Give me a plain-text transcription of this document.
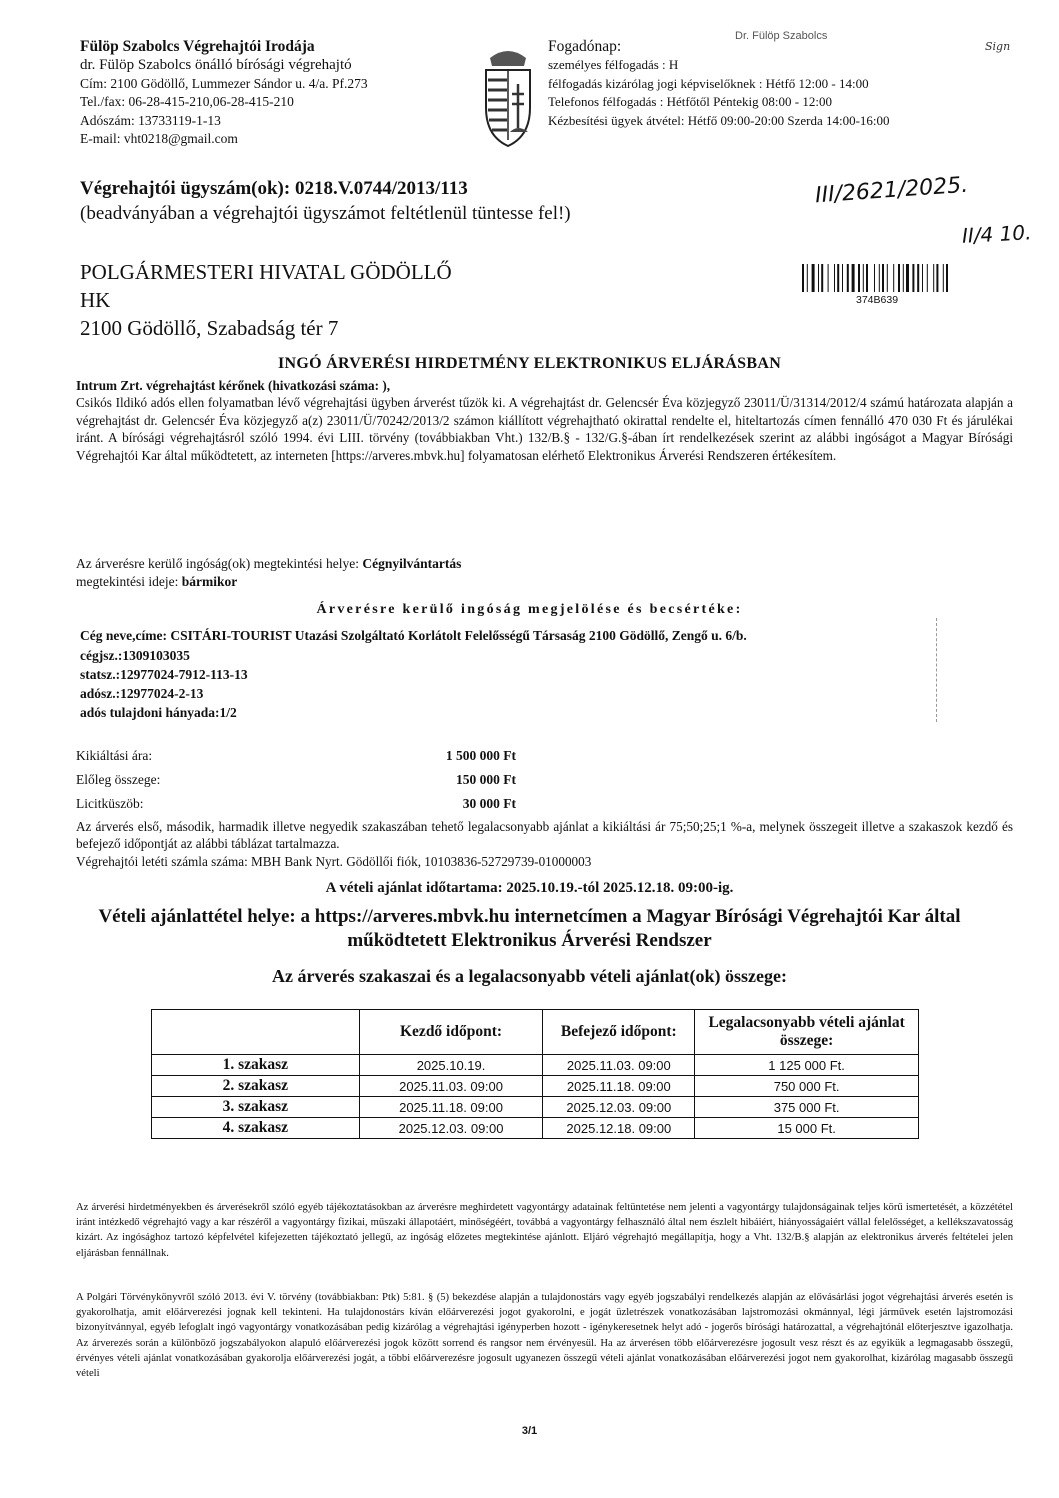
Fülöp Szabolcs Végrehajtói Irodája
dr. Fülöp Szabolcs önálló bírósági végrehajtó
Cím: 2100 Gödöllő, Lummezer Sándor u. 4/a. Pf.273
Tel./fax: 06-28-415-210,06-28-415-210
Adószám: 13733119-1-13
E-mail: vht0218@gmail.com
Fogadónap:
személyes félfogadás : H
félfogadás kizárólag jogi képviselőknek : Hétfő 12:00 - 14:00
Telefonos félfogadás : Hétfőtől Péntekig 08:00 - 12:00
Kézbesítési ügyek átvétel: Hétfő 09:00-20:00 Szerda 14:00-16:00
Dr. Fülöp Szabolcs
Sign
Végrehajtói ügyszám(ok): 0218.V.0744/2013/113
(beadványában a végrehajtói ügyszámot feltétlenül tüntesse fel!)
III/2621/2025.
II/4 10.
POLGÁRMESTERI HIVATAL GÖDÖLLŐ
HK
2100 Gödöllő, Szabadság tér 7
374B639
INGÓ ÁRVERÉSI HIRDETMÉNY ELEKTRONIKUS ELJÁRÁSBAN
Intrum Zrt. végrehajtást kérőnek (hivatkozási száma: ),
Csikós Ildikó adós ellen folyamatban lévő végrehajtási ügyben árverést tűzök ki. A végrehajtást dr. Gelencsér Éva közjegyző 23011/Ü/31314/2012/4 számú határozata alapján a végrehajtást dr. Gelencsér Éva közjegyző a(z) 23011/Ü/70242/2013/2 számon kiállított végrehajtható okirattal rendelte el, hiteltartozás címen fennálló 470 030 Ft és járulékai iránt. A bírósági végrehajtásról szóló 1994. évi LIII. törvény (továbbiakban Vht.) 132/B.§ - 132/G.§-ában írt rendelkezések szerint az alábbi ingóságot a Magyar Bírósági Végrehajtói Kar által működtetett, az interneten [https://arveres.mbvk.hu] folyamatosan elérhető Elektronikus Árverési Rendszeren értékesítem.
Az árverésre kerülő ingóság(ok) megtekintési helye: Cégnyilvántartás
megtekintési ideje: bármikor
Árverésre kerülő ingóság megjelölése és becsértéke:
Cég neve,címe: CSITÁRI-TOURIST Utazási Szolgáltató Korlátolt Felelősségű Társaság 2100 Gödöllő, Zengő u. 6/b.
cégjsz.:1309103035
statsz.:12977024-7912-113-13
adósz.:12977024-2-13
adós tulajdoni hányada:1/2
Kikiáltási ára:	1 500 000 Ft
Előleg összege:	150 000 Ft
Licitküszöb:	30 000 Ft
Az árverés első, második, harmadik illetve negyedik szakaszában tehető legalacsonyabb ajánlat a kikiáltási ár 75;50;25;1 %-a, melynek összegeit illetve a szakaszok kezdő és befejező időpontját az alábbi táblázat tartalmazza.
Végrehajtói letéti számla száma: MBH Bank Nyrt. Gödöllői fiók, 10103836-52729739-01000003
A vételi ajánlat időtartama: 2025.10.19.-tól 2025.12.18. 09:00-ig.
Vételi ajánlattétel helye: a https://arveres.mbvk.hu internetcímen a Magyar Bírósági Végrehajtói Kar által működtetett Elektronikus Árverési Rendszer
Az árverés szakaszai és a legalacsonyabb vételi ajánlat(ok) összege:
	Kezdő időpont:	Befejező időpont:	Legalacsonyabb vételi ajánlat összege:
1. szakasz	2025.10.19.	2025.11.03. 09:00	1 125 000 Ft.
2. szakasz	2025.11.03. 09:00	2025.11.18. 09:00	750 000 Ft.
3. szakasz	2025.11.18. 09:00	2025.12.03. 09:00	375 000 Ft.
4. szakasz	2025.12.03. 09:00	2025.12.18. 09:00	15 000 Ft.
Az árverési hirdetményekben és árverésekről szóló egyéb tájékoztatásokban az árverésre meghirdetett vagyontárgy adatainak feltüntetése nem jelenti a vagyontárgy tulajdonságainak teljes körű ismertetését, a közzététel iránt intézkedő végrehajtó vagy a kar részéről a vagyontárgy fizikai, műszaki állapotáért, minőségéért, továbbá a vagyontárgy felhasználó által nem észlelt hibáiért, hiányosságaiért vállal felelősséget, a kellékszavatosság kizárt. Az ingósághoz tartozó képfelvétel kifejezetten tájékoztató jellegű, az ingóság előzetes megtekintése ajánlott. Eljáró végrehajtó megállapítja, hogy a Vht. 132/B.§ alapján az elektronikus árverés feltételei jelen eljárásban fennállnak.
A Polgári Törvénykönyvről szóló 2013. évi V. törvény (továbbiakban: Ptk) 5:81. § (5) bekezdése alapján a tulajdonostárs vagy egyéb jogszabályi rendelkezés alapján az elővásárlási jogot végrehajtási árverés esetén is gyakorolhatja, amit előárverezési jognak kell tekinteni. Ha tulajdonostárs kíván előárverezési jogot gyakorolni, e jogát üzletrészek vonatkozásában lajstromozási okmánnyal, légi járművek esetén lajstromozási bizonyítvánnyal, egyéb lefoglalt ingó vagyontárgy vonatkozásában pedig kizárólag a végrehajtási igényperben hozott - igénykeresetnek helyt adó - jogerős bírósági határozattal, a végrehajtónál előterjesztve igazolhatja. Az árverezés során a különböző jogszabályokon alapuló előárverezési jogok között sorrend és rangsor nem érvényesül. Ha az árverésen több előárverezésre jogosult vesz részt és az egyikük a legmagasabb összegű, érvényes vételi ajánlat vonatkozásában gyakorolja előárverezési jogát, a többi előárverezésre jogosult ugyanezen összegű vételi ajánlat vonatkozásában előárverezési jogot nem gyakorolhat, kizárólag magasabb összegű vételi
3/1
